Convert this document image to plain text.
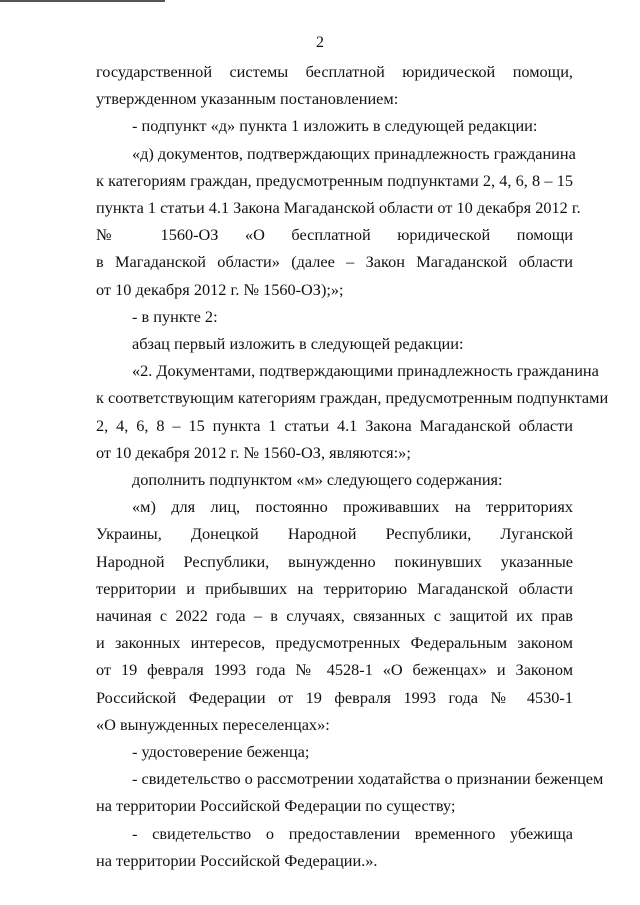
2
государственной системы бесплатной юридической помощи,
утвержденном указанным постановлением:
- подпункт «д» пункта 1 изложить в следующей редакции:
«д) документов, подтверждающих принадлежность гражданина
к категориям граждан, предусмотренным подпунктами 2, 4, 6, 8 – 15
пункта 1 статьи 4.1 Закона Магаданской области от 10 декабря 2012 г.
№ 1560-ОЗ «О бесплатной юридической помощи
в Магаданской области» (далее – Закон Магаданской области
от 10 декабря 2012 г. № 1560-ОЗ);»;
- в пункте 2:
абзац первый изложить в следующей редакции:
«2. Документами, подтверждающими принадлежность гражданина
к соответствующим категориям граждан, предусмотренным подпунктами
2, 4, 6, 8 – 15 пункта 1 статьи 4.1 Закона Магаданской области
от 10 декабря 2012 г. № 1560-ОЗ, являются:»;
дополнить подпунктом «м» следующего содержания:
«м) для лиц, постоянно проживавших на территориях
Украины, Донецкой Народной Республики, Луганской
Народной Республики, вынужденно покинувших указанные
территории и прибывших на территорию Магаданской области
начиная с 2022 года – в случаях, связанных с защитой их прав
и законных интересов, предусмотренных Федеральным законом
от 19 февраля 1993 года № 4528-1 «О беженцах» и Законом
Российской Федерации от 19 февраля 1993 года № 4530-1
«О вынужденных переселенцах»:
- удостоверение беженца;
- свидетельство о рассмотрении ходатайства о признании беженцем
на территории Российской Федерации по существу;
- свидетельство о предоставлении временного убежища
на территории Российской Федерации.».
